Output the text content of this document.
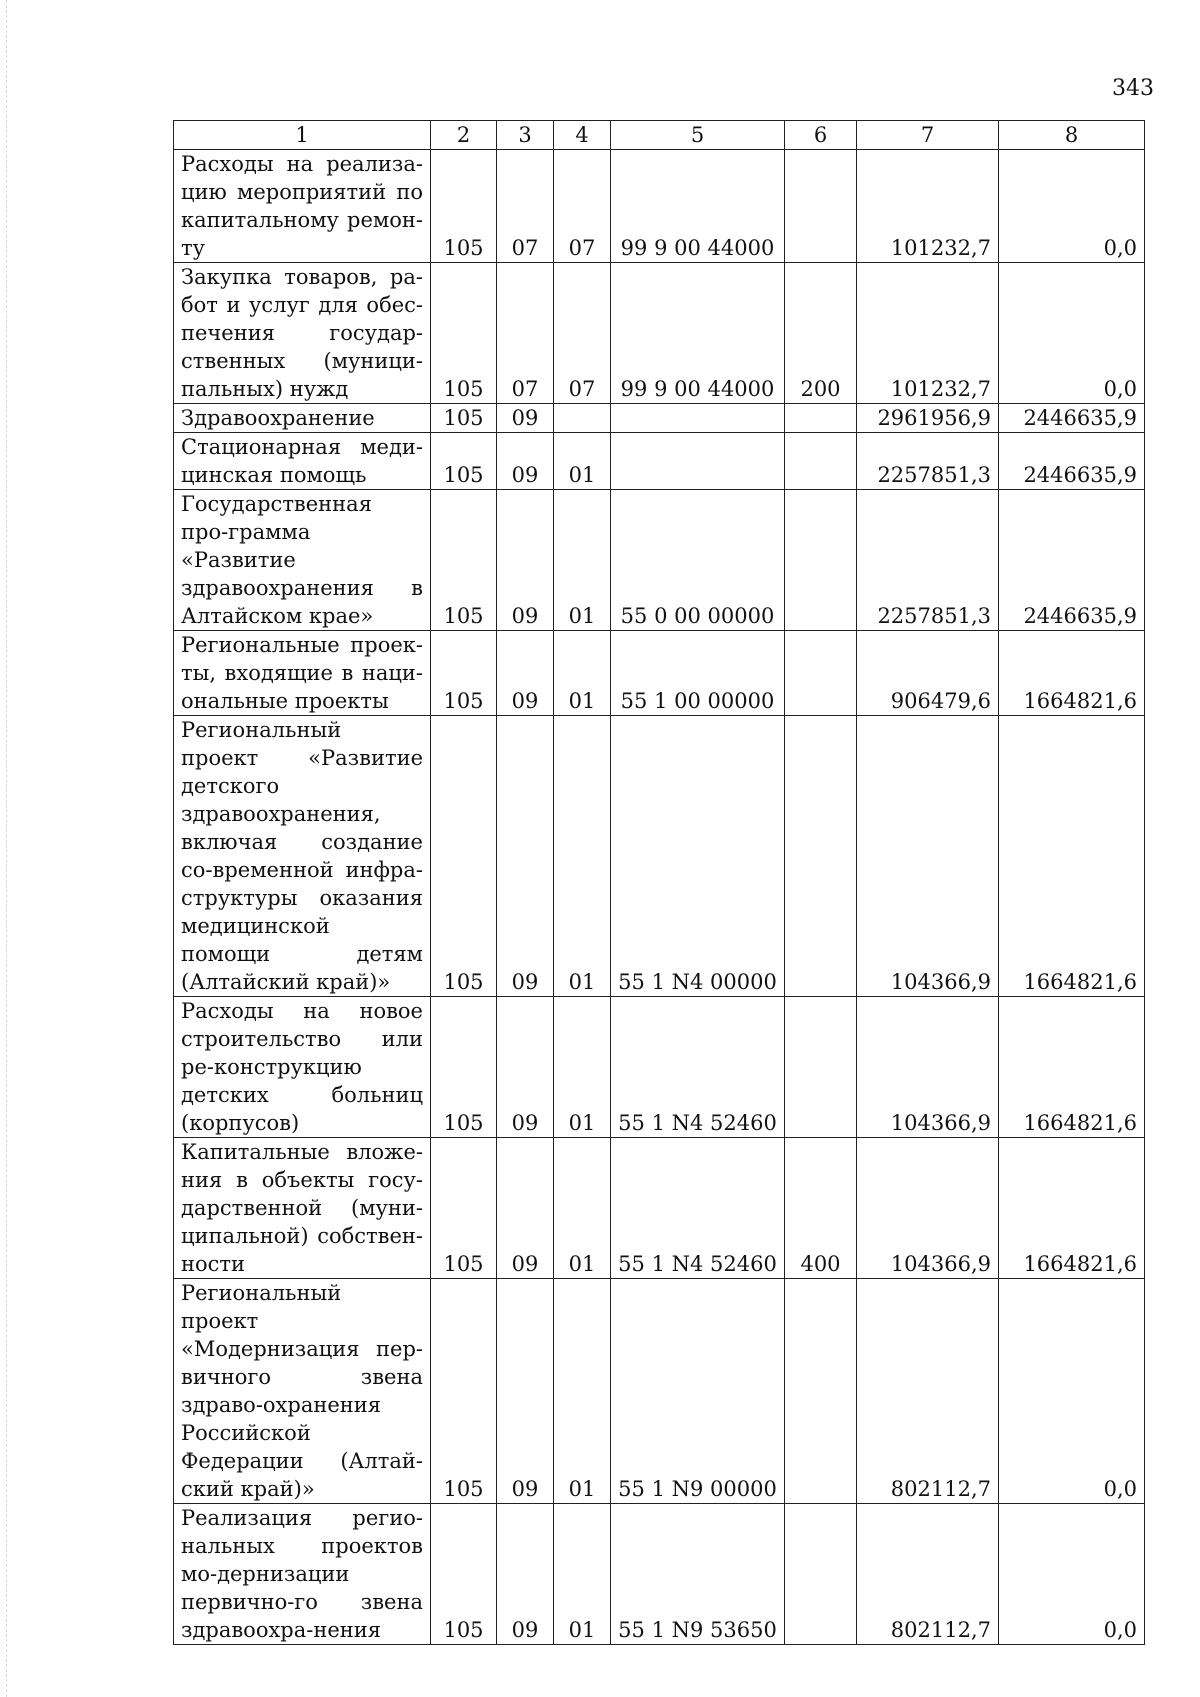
343
1	2	3	4	5	6	7	8
Расходы на реализа-цию мероприятий по капитальному ремон-ту	105	07	07	99 9 00 44000		101232,7	0,0
Закупка товаров, ра-бот и услуг для обес-печения государ-ственных (муници-пальных) нужд	105	07	07	99 9 00 44000	200	101232,7	0,0
Здравоохранение	105	09				2961956,9	2446635,9
Стационарная меди-цинская помощь	105	09	01			2257851,3	2446635,9
Государственная про-грамма «Развитие здравоохранения в Алтайском крае»	105	09	01	55 0 00 00000		2257851,3	2446635,9
Региональные проек-ты, входящие в наци-ональные проекты	105	09	01	55 1 00 00000		906479,6	1664821,6
Региональный проект «Развитие детского здравоохранения, включая создание со-временной инфра-структуры оказания медицинской помощи детям (Алтайский край)»	105	09	01	55 1 N4 00000		104366,9	1664821,6
Расходы на новое строительство или ре-конструкцию детских больниц (корпусов)	105	09	01	55 1 N4 52460		104366,9	1664821,6
Капитальные вложе-ния в объекты госу-дарственной (муни-ципальной) собствен-ности	105	09	01	55 1 N4 52460	400	104366,9	1664821,6
Региональный проект «Модернизация пер-вичного звена здраво-охранения Российской Федерации (Алтай-ский край)»	105	09	01	55 1 N9 00000		802112,7	0,0
Реализация регио-нальных проектов мо-дернизации первично-го звена здравоохра-нения	105	09	01	55 1 N9 53650		802112,7	0,0
